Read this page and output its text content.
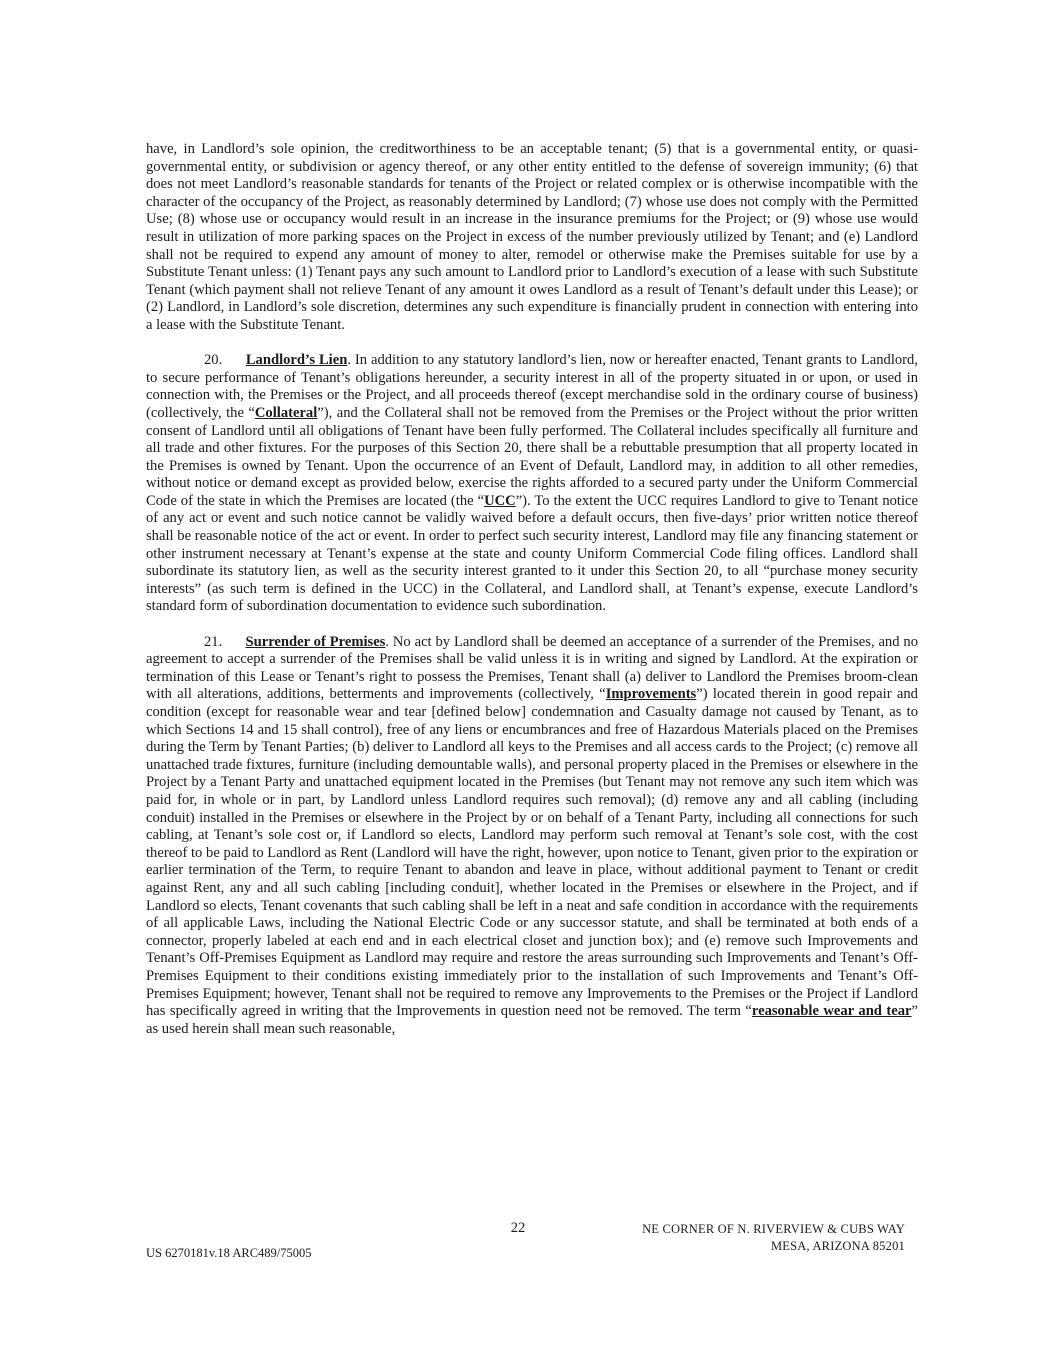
have, in Landlord’s sole opinion, the creditworthiness to be an acceptable tenant; (5) that is a governmental entity, or quasi-governmental entity, or subdivision or agency thereof, or any other entity entitled to the defense of sovereign immunity; (6) that does not meet Landlord’s reasonable standards for tenants of the Project or related complex or is otherwise incompatible with the character of the occupancy of the Project, as reasonably determined by Landlord; (7) whose use does not comply with the Permitted Use; (8) whose use or occupancy would result in an increase in the insurance premiums for the Project; or (9) whose use would result in utilization of more parking spaces on the Project in excess of the number previously utilized by Tenant; and (e) Landlord shall not be required to expend any amount of money to alter, remodel or otherwise make the Premises suitable for use by a Substitute Tenant unless: (1) Tenant pays any such amount to Landlord prior to Landlord’s execution of a lease with such Substitute Tenant (which payment shall not relieve Tenant of any amount it owes Landlord as a result of Tenant’s default under this Lease); or (2) Landlord, in Landlord’s sole discretion, determines any such expenditure is financially prudent in connection with entering into a lease with the Substitute Tenant.

20. Landlord’s Lien. In addition to any statutory landlord’s lien, now or hereafter enacted, Tenant grants to Landlord, to secure performance of Tenant’s obligations hereunder, a security interest in all of the property situated in or upon, or used in connection with, the Premises or the Project, and all proceeds thereof (except merchandise sold in the ordinary course of business) (collectively, the “Collateral”), and the Collateral shall not be removed from the Premises or the Project without the prior written consent of Landlord until all obligations of Tenant have been fully performed. The Collateral includes specifically all furniture and all trade and other fixtures. For the purposes of this Section 20, there shall be a rebuttable presumption that all property located in the Premises is owned by Tenant. Upon the occurrence of an Event of Default, Landlord may, in addition to all other remedies, without notice or demand except as provided below, exercise the rights afforded to a secured party under the Uniform Commercial Code of the state in which the Premises are located (the “UCC”). To the extent the UCC requires Landlord to give to Tenant notice of any act or event and such notice cannot be validly waived before a default occurs, then five-days’ prior written notice thereof shall be reasonable notice of the act or event. In order to perfect such security interest, Landlord may file any financing statement or other instrument necessary at Tenant’s expense at the state and county Uniform Commercial Code filing offices. Landlord shall subordinate its statutory lien, as well as the security interest granted to it under this Section 20, to all “purchase money security interests” (as such term is defined in the UCC) in the Collateral, and Landlord shall, at Tenant’s expense, execute Landlord’s standard form of subordination documentation to evidence such subordination.

21. Surrender of Premises. No act by Landlord shall be deemed an acceptance of a surrender of the Premises, and no agreement to accept a surrender of the Premises shall be valid unless it is in writing and signed by Landlord. At the expiration or termination of this Lease or Tenant’s right to possess the Premises, Tenant shall (a) deliver to Landlord the Premises broom-clean with all alterations, additions, betterments and improvements (collectively, “Improvements”) located therein in good repair and condition (except for reasonable wear and tear [defined below] condemnation and Casualty damage not caused by Tenant, as to which Sections 14 and 15 shall control), free of any liens or encumbrances and free of Hazardous Materials placed on the Premises during the Term by Tenant Parties; (b) deliver to Landlord all keys to the Premises and all access cards to the Project; (c) remove all unattached trade fixtures, furniture (including demountable walls), and personal property placed in the Premises or elsewhere in the Project by a Tenant Party and unattached equipment located in the Premises (but Tenant may not remove any such item which was paid for, in whole or in part, by Landlord unless Landlord requires such removal); (d) remove any and all cabling (including conduit) installed in the Premises or elsewhere in the Project by or on behalf of a Tenant Party, including all connections for such cabling, at Tenant’s sole cost or, if Landlord so elects, Landlord may perform such removal at Tenant’s sole cost, with the cost thereof to be paid to Landlord as Rent (Landlord will have the right, however, upon notice to Tenant, given prior to the expiration or earlier termination of the Term, to require Tenant to abandon and leave in place, without additional payment to Tenant or credit against Rent, any and all such cabling [including conduit], whether located in the Premises or elsewhere in the Project, and if Landlord so elects, Tenant covenants that such cabling shall be left in a neat and safe condition in accordance with the requirements of all applicable Laws, including the National Electric Code or any successor statute, and shall be terminated at both ends of a connector, properly labeled at each end and in each electrical closet and junction box); and (e) remove such Improvements and Tenant’s Off-Premises Equipment as Landlord may require and restore the areas surrounding such Improvements and Tenant’s Off-Premises Equipment to their conditions existing immediately prior to the installation of such Improvements and Tenant’s Off-Premises Equipment; however, Tenant shall not be required to remove any Improvements to the Premises or the Project if Landlord has specifically agreed in writing that the Improvements in question need not be removed. The term “reasonable wear and tear” as used herein shall mean such reasonable,

22	NE CORNER OF N. RIVERVIEW & CUBS WAY
MESA, ARIZONA 85201
US 6270181v.18 ARC489/75005
